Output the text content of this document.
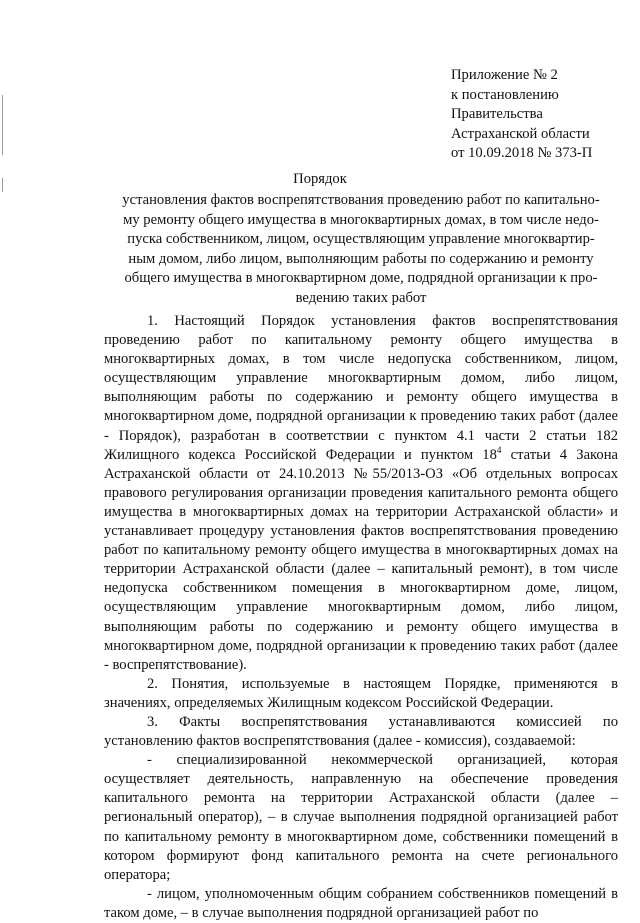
Приложение № 2
к постановлению
Правительства
Астраханской области
от 10.09.2018 № 373-П
Порядок
установления фактов воспрепятствования проведению работ по капитально-
му ремонту общего имущества в многоквартирных домах, в том числе недо-
пуска собственником, лицом, осуществляющим управление многоквартир-
ным домом, либо лицом, выполняющим работы по содержанию и ремонту
общего имущества в многоквартирном доме, подрядной организации к про-
ведению таких работ

1. Настоящий Порядок установления фактов воспрепятствования проведению работ по капитальному ремонту общего имущества в многоквартирных домах, в том числе недопуска собственником, лицом, осуществляющим управление многоквартирным домом, либо лицом, выполняющим работы по содержанию и ремонту общего имущества в многоквартирном доме, подрядной организации к проведению таких работ (далее - Порядок), разработан в соответствии с пунктом 4.1 части 2 статьи 182 Жилищного кодекса Российской Федерации и пунктом $18^4$ статьи 4 Закона Астраханской области от 24.10.2013 №55/2013-ОЗ «Об отдельных вопросах правового регулирования организации проведения капитального ремонта общего имущества в многоквартирных домах на территории Астраханской области» и устанавливает процедуру установления фактов воспрепятствования проведению работ по капитальному ремонту общего имущества в многоквартирных домах на территории Астраханской области (далее – капитальный ремонт), в том числе недопуска собственником помещения в многоквартирном доме, лицом, осуществляющим управление многоквартирным домом, либо лицом, выполняющим работы по содержанию и ремонту общего имущества в многоквартирном доме, подрядной организации к проведению таких работ (далее - воспрепятствование).

2. Понятия, используемые в настоящем Порядке, применяются в значениях, определяемых Жилищным кодексом Российской Федерации.

3. Факты воспрепятствования устанавливаются комиссией по установлению фактов воспрепятствования (далее - комиссия), создаваемой:

- специализированной некоммерческой организацией, которая осуществляет деятельность, направленную на обеспечение проведения капитального ремонта на территории Астраханской области (далее – региональный оператор), – в случае выполнения подрядной организацией работ по капитальному ремонту в многоквартирном доме, собственники помещений в котором формируют фонд капитального ремонта на счете регионального оператора;

- лицом, уполномоченным общим собранием собственников помещений в таком доме, – в случае выполнения подрядной организацией работ по
